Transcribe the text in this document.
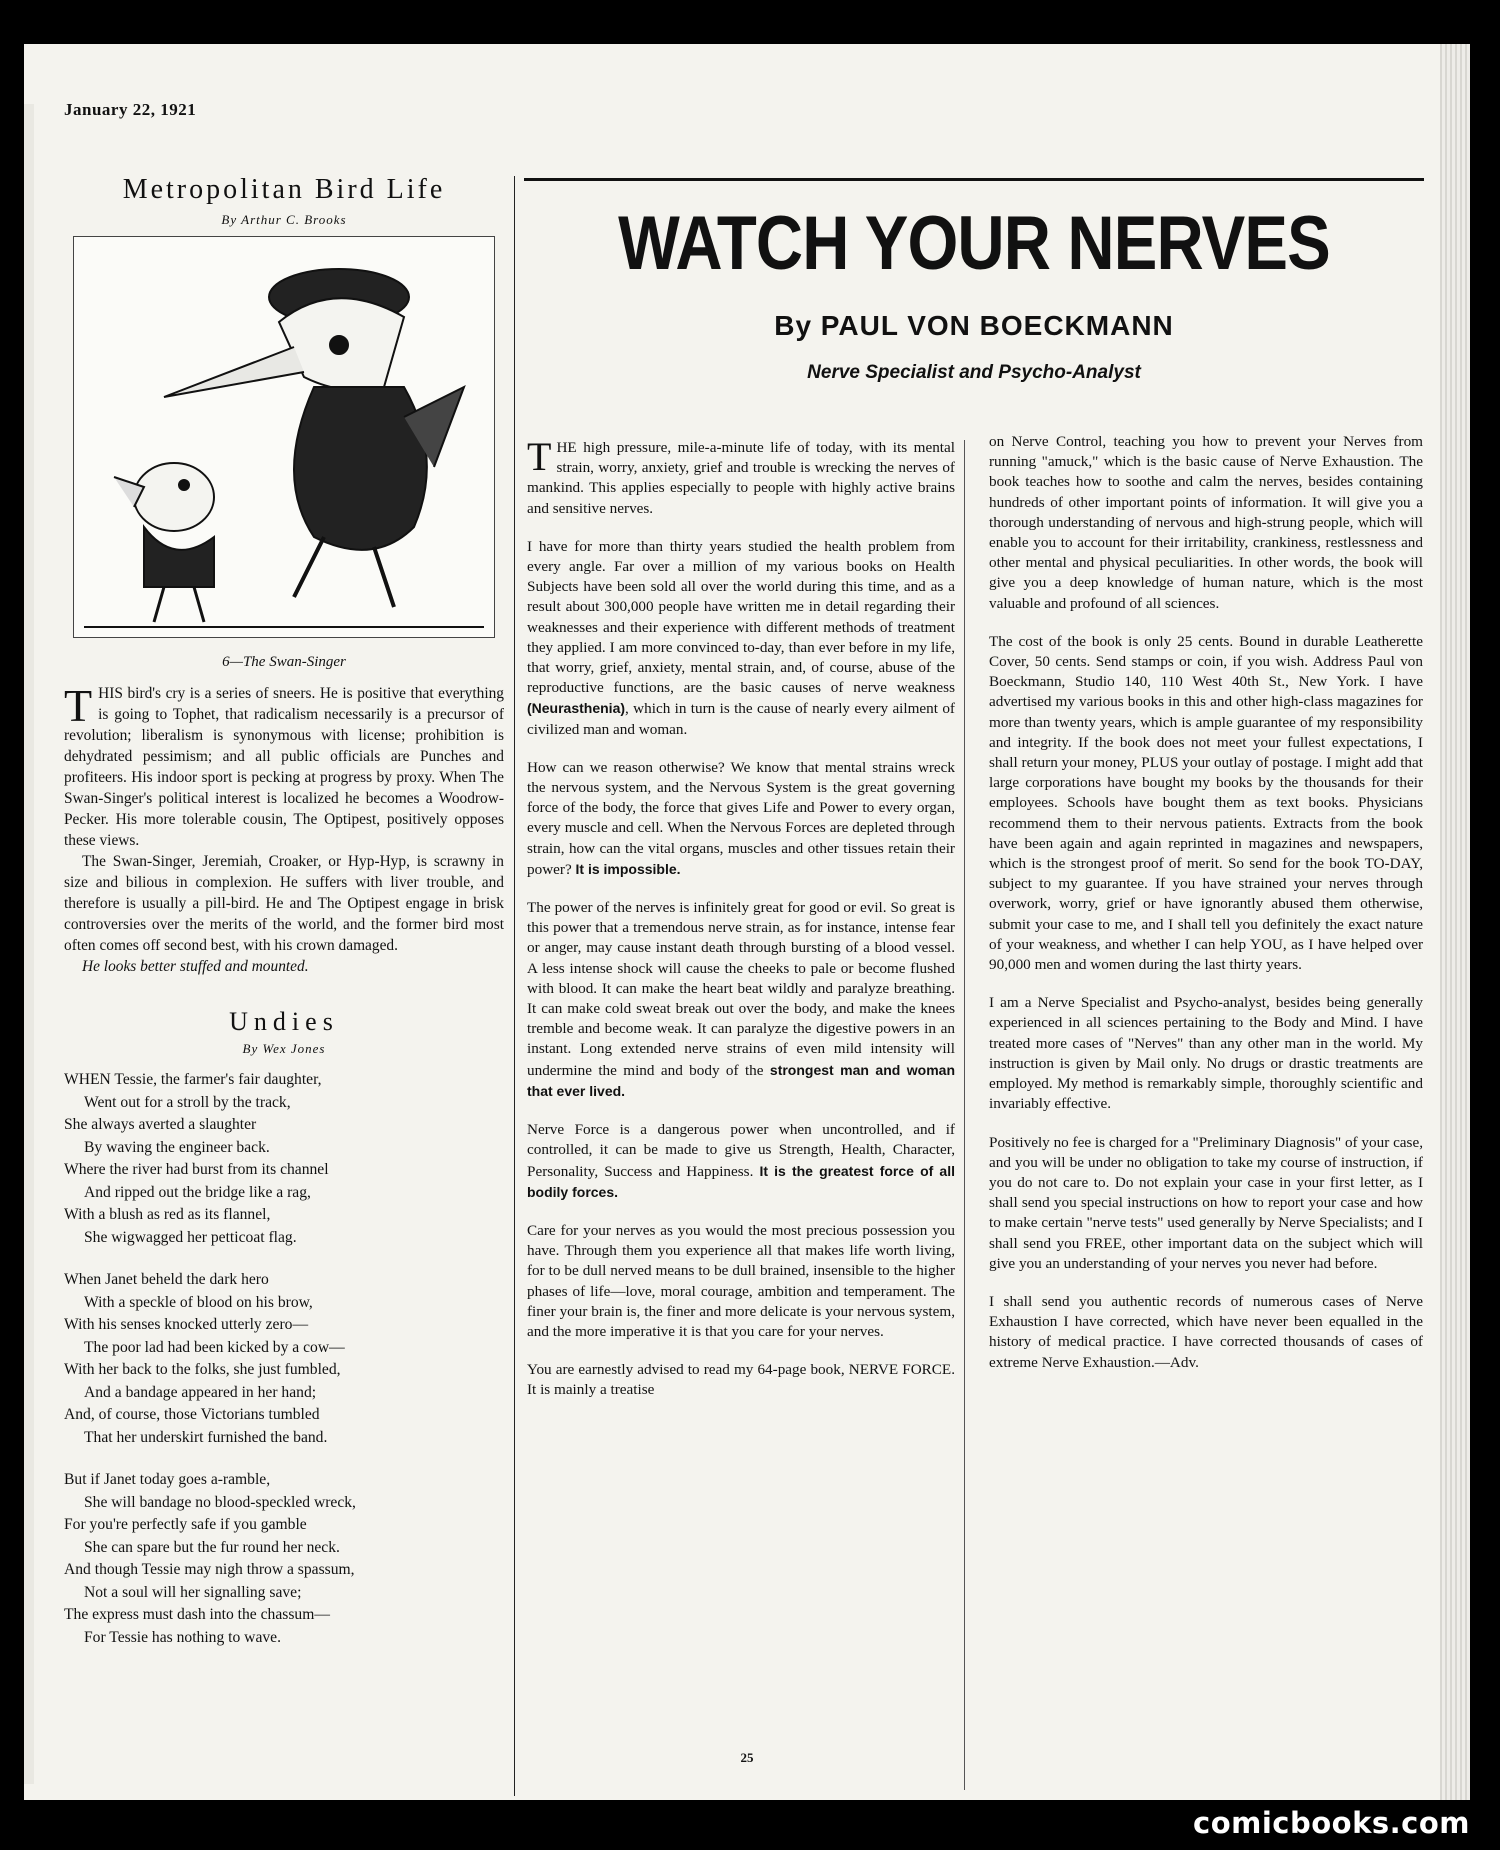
January 22, 1921
Metropolitan Bird Life
By Arthur C. Brooks
6—The Swan-Singer

THIS bird's cry is a series of sneers. He is positive that everything is going to Tophet, that radicalism necessarily is a precursor of revolution; liberalism is synonymous with license; prohibition is dehydrated pessimism; and all public officials are Punches and profiteers. His indoor sport is pecking at progress by proxy. When The Swan-Singer's political interest is localized he becomes a Woodrow-Pecker. His more tolerable cousin, The Optipest, positively opposes these views.

The Swan-Singer, Jeremiah, Croaker, or Hyp-Hyp, is scrawny in size and bilious in complexion. He suffers with liver trouble, and therefore is usually a pill-bird. He and The Optipest engage in brisk controversies over the merits of the world, and the former bird most often comes off second best, with his crown damaged.

He looks better stuffed and mounted.

Undies
By Wex Jones
WHEN Tessie, the farmer's fair daughter,
Went out for a stroll by the track,
She always averted a slaughter
By waving the engineer back.
Where the river had burst from its channel
And ripped out the bridge like a rag,
With a blush as red as its flannel,
She wigwagged her petticoat flag.
When Janet beheld the dark hero
With a speckle of blood on his brow,
With his senses knocked utterly zero—
The poor lad had been kicked by a cow—
With her back to the folks, she just fumbled,
And a bandage appeared in her hand;
And, of course, those Victorians tumbled
That her underskirt furnished the band.
But if Janet today goes a-ramble,
She will bandage no blood-speckled wreck,
For you're perfectly safe if you gamble
She can spare but the fur round her neck.
And though Tessie may nigh throw a spassum,
Not a soul will her signalling save;
The express must dash into the chassum—
For Tessie has nothing to wave.
WATCH YOUR NERVES
By PAUL VON BOECKMANN
Nerve Specialist and Psycho-Analyst

THE high pressure, mile-a-minute life of today, with its mental strain, worry, anxiety, grief and trouble is wrecking the nerves of mankind. This applies especially to people with highly active brains and sensitive nerves.

I have for more than thirty years studied the health problem from every angle. Far over a million of my various books on Health Subjects have been sold all over the world during this time, and as a result about 300,000 people have written me in detail regarding their weaknesses and their experience with different methods of treatment they applied. I am more convinced to-day, than ever before in my life, that worry, grief, anxiety, mental strain, and, of course, abuse of the reproductive functions, are the basic causes of nerve weakness (Neurasthenia), which in turn is the cause of nearly every ailment of civilized man and woman.

How can we reason otherwise? We know that mental strains wreck the nervous system, and the Nervous System is the great governing force of the body, the force that gives Life and Power to every organ, every muscle and cell. When the Nervous Forces are depleted through strain, how can the vital organs, muscles and other tissues retain their power? It is impossible.

The power of the nerves is infinitely great for good or evil. So great is this power that a tremendous nerve strain, as for instance, intense fear or anger, may cause instant death through bursting of a blood vessel. A less intense shock will cause the cheeks to pale or become flushed with blood. It can make the heart beat wildly and paralyze breathing. It can make cold sweat break out over the body, and make the knees tremble and become weak. It can paralyze the digestive powers in an instant. Long extended nerve strains of even mild intensity will undermine the mind and body of the strongest man and woman that ever lived.

Nerve Force is a dangerous power when uncontrolled, and if controlled, it can be made to give us Strength, Health, Character, Personality, Success and Happiness. It is the greatest force of all bodily forces.

Care for your nerves as you would the most precious possession you have. Through them you experience all that makes life worth living, for to be dull nerved means to be dull brained, insensible to the higher phases of life—love, moral courage, ambition and temperament. The finer your brain is, the finer and more delicate is your nervous system, and the more imperative it is that you care for your nerves.

You are earnestly advised to read my 64-page book, NERVE FORCE. It is mainly a treatise

on Nerve Control, teaching you how to prevent your Nerves from running "amuck," which is the basic cause of Nerve Exhaustion. The book teaches how to soothe and calm the nerves, besides containing hundreds of other important points of information. It will give you a thorough understanding of nervous and high-strung people, which will enable you to account for their irritability, crankiness, restlessness and other mental and physical peculiarities. In other words, the book will give you a deep knowledge of human nature, which is the most valuable and profound of all sciences.

The cost of the book is only 25 cents. Bound in durable Leatherette Cover, 50 cents. Send stamps or coin, if you wish. Address Paul von Boeckmann, Studio 140, 110 West 40th St., New York. I have advertised my various books in this and other high-class magazines for more than twenty years, which is ample guarantee of my responsibility and integrity. If the book does not meet your fullest expectations, I shall return your money, PLUS your outlay of postage. I might add that large corporations have bought my books by the thousands for their employees. Schools have bought them as text books. Physicians recommend them to their nervous patients. Extracts from the book have been again and again reprinted in magazines and newspapers, which is the strongest proof of merit. So send for the book TO-DAY, subject to my guarantee. If you have strained your nerves through overwork, worry, grief or have ignorantly abused them otherwise, submit your case to me, and I shall tell you definitely the exact nature of your weakness, and whether I can help YOU, as I have helped over 90,000 men and women during the last thirty years.

I am a Nerve Specialist and Psycho-analyst, besides being generally experienced in all sciences pertaining to the Body and Mind. I have treated more cases of "Nerves" than any other man in the world. My instruction is given by Mail only. No drugs or drastic treatments are employed. My method is remarkably simple, thoroughly scientific and invariably effective.

Positively no fee is charged for a "Preliminary Diagnosis" of your case, and you will be under no obligation to take my course of instruction, if you do not care to. Do not explain your case in your first letter, as I shall send you special instructions on how to report your case and how to make certain "nerve tests" used generally by Nerve Specialists; and I shall send you FREE, other important data on the subject which will give you an understanding of your nerves you never had before.

I shall send you authentic records of numerous cases of Nerve Exhaustion I have corrected, which have never been equalled in the history of medical practice. I have corrected thousands of cases of extreme Nerve Exhaustion.—Adv.

25
comicbooks.com
